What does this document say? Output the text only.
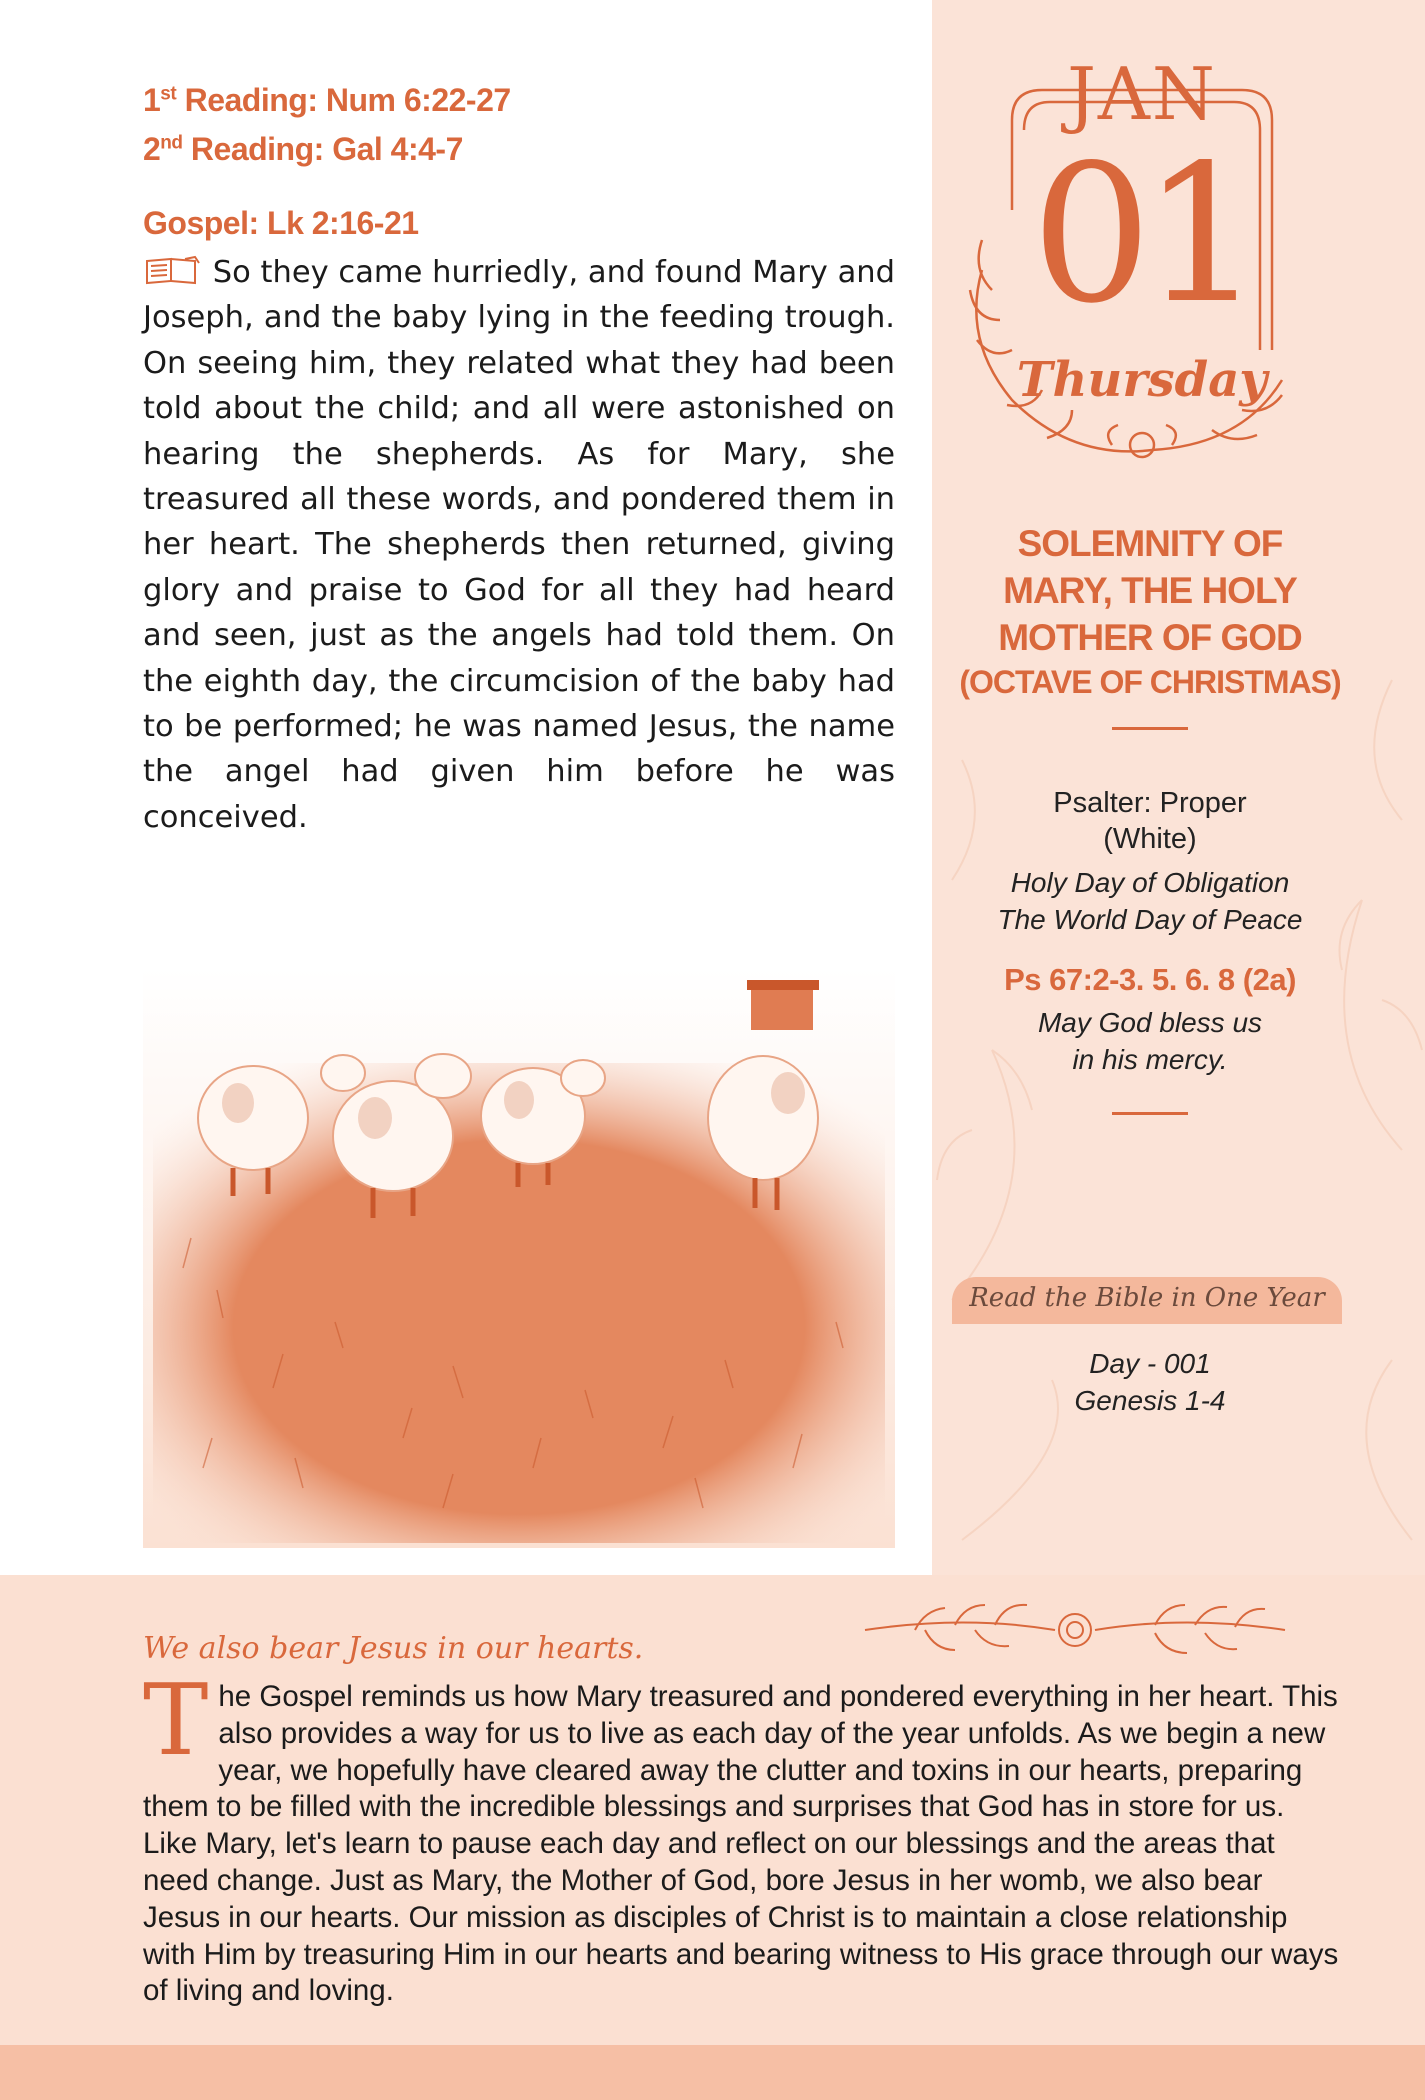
1st Reading: Num 6:22-27
2nd Reading: Gal 4:4-7
Gospel: Lk 2:16-21

So they came hurriedly, and found Mary and Joseph, and the baby lying in the feeding trough. On seeing him, they related what they had been told about the child; and all were astonished on hearing the shepherds. As for Mary, she treasured all these words, and pondered them in her heart. The shepherds then returned, giving glory and praise to God for all they had heard and seen, just as the angels had told them. On the eighth day, the circumcision of the baby had to be performed; he was named Jesus, the name the angel had given him before he was conceived.

JAN
01
Thursday
SOLEMNITY OF
MARY, THE HOLY
MOTHER OF GOD
(OCTAVE OF CHRISTMAS)
Psalter: Proper
(White)
Holy Day of Obligation
The World Day of Peace
Ps 67:2-3. 5. 6. 8 (2a)
May God bless us
in his mercy.
Read the Bible in One Year
Day - 001
Genesis 1-4
We also bear Jesus in our hearts.

The Gospel reminds us how Mary treasured and pondered everything in her heart. This also provides a way for us to live as each day of the year unfolds. As we begin a new year, we hopefully have cleared away the clutter and toxins in our hearts, preparing them to be filled with the incredible blessings and surprises that God has in store for us. Like Mary, let's learn to pause each day and reflect on our blessings and the areas that need change. Just as Mary, the Mother of God, bore Jesus in her womb, we also bear Jesus in our hearts. Our mission as disciples of Christ is to maintain a close relationship with Him by treasuring Him in our hearts and bearing witness to His grace through our ways of living and loving.
